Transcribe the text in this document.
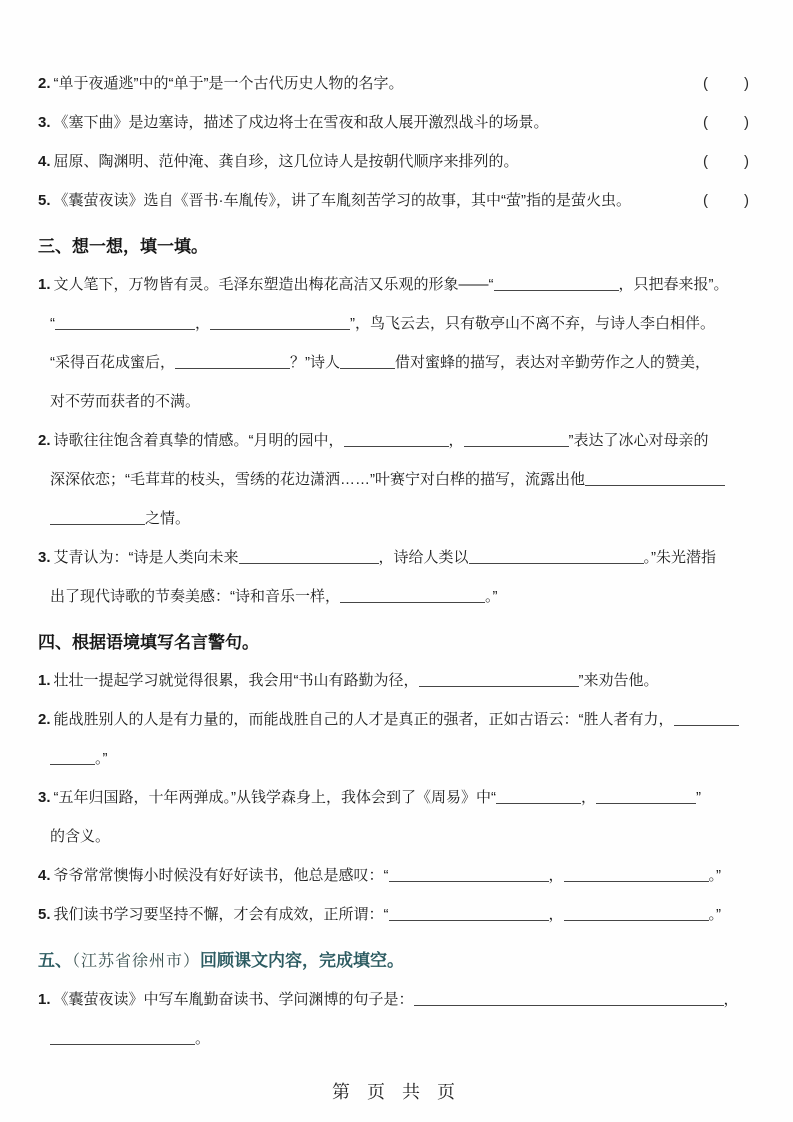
2. “单于夜遁逃”中的“单于”是一个古代历史人物的名字。	(　　)
3. 《塞下曲》是边塞诗，描述了戍边将士在雪夜和敌人展开激烈战斗的场景。	(　　)
4. 屈原、陶渊明、范仲淹、龚自珍，这几位诗人是按朝代顺序来排列的。	(　　)
5. 《囊萤夜读》选自《晋书·车胤传》，讲了车胤刻苦学习的故事，其中“萤”指的是萤火虫。	(　　)
三、想一想，填一填。
1. 文人笔下，万物皆有灵。毛泽东塑造出梅花高洁又乐观的形象——“	，只把春来报”。
“	，	”，鸟飞云去，只有敬亭山不离不弃，与诗人李白相伴。
“采得百花成蜜后，	？”诗人	借对蜜蜂的描写，表达对辛勤劳作之人的赞美，
对不劳而获者的不满。
2. 诗歌往往饱含着真挚的情感。“月明的园中，	，	”表达了冰心对母亲的
深深依恋；“毛茸茸的枝头，雪绣的花边潇洒……”叶赛宁对白桦的描写，流露出他
之情。
3. 艾青认为：“诗是人类向未来	，诗给人类以	。”朱光潜指
出了现代诗歌的节奏美感：“诗和音乐一样，	。”
四、根据语境填写名言警句。
1. 壮壮一提起学习就觉得很累，我会用“书山有路勤为径，	”来劝告他。
2. 能战胜别人的人是有力量的，而能战胜自己的人才是真正的强者，正如古语云：“胜人者有力，
。”
3. “五年归国路，十年两弹成。”从钱学森身上，我体会到了《周易》中“	，	”
的含义。
4. 爷爷常常懊悔小时候没有好好读书，他总是感叹：“	，	。”
5. 我们读书学习要坚持不懈，才会有成效，正所谓：“	，	。”
五、（江苏省徐州市）回顾课文内容，完成填空。
1. 《囊萤夜读》中写车胤勤奋读书、学问渊博的句子是：	，
。
第 页 共 页
